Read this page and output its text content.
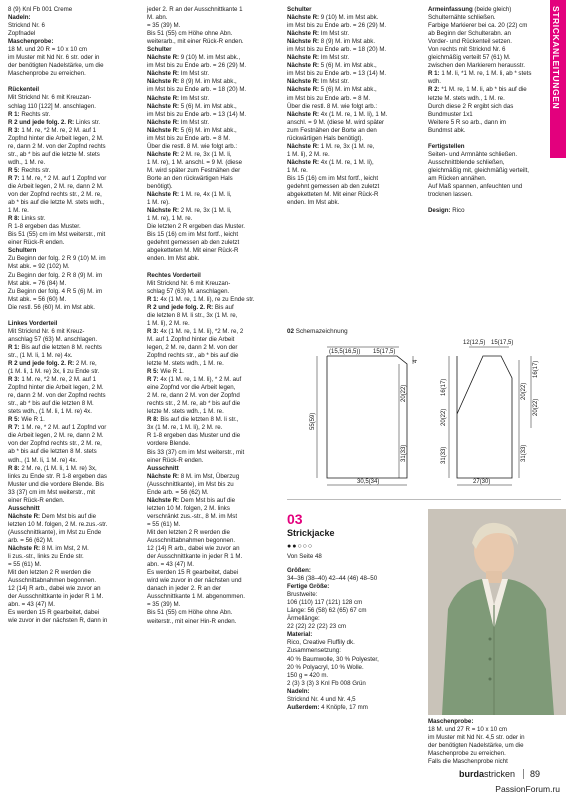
STRICKANLEITUNGEN

8 (9) Knl Fb 001 Creme

Nadeln:

Stricknd Nr. 6

Zopfnadel

Maschenprobe:

18 M. und 20 R = 10 x 10 cm

im Muster mit Nd Nr. 6 str. oder in

der benötigten Nadelstärke, um die

Maschenprobe zu erreichen.

Rückenteil

Mit Stricknd Nr. 6 mit Kreuzan-

schlag 110 [122] M. anschlagen.

R 1: Rechts str.

R 2 und jede folg. 2. R: Links str.

R 3: 1 M. re, *2 M. re, 2 M. auf 1

Zopfnd hinter die Arbeit legen, 2 M.

re, dann 2 M. von der Zopfnd rechts

str., ab * bis auf die letzte M. stets

wdh., 1 M. re.

R 5: Rechts str.

R 7: 1 M. re, * 2 M. auf 1 Zopfnd vor

die Arbeit legen, 2 M. re, dann 2 M.

von der Zopfnd rechts str., 2 M. re,

ab * bis auf die letzte M. stets wdh.,

1 M. re.

R 8: Links str.

R 1-8 ergeben das Muster.

Bis 51 (55) cm im Mst weiterstr., mit

einer Rück-R enden.

Schultern

Zu Beginn der folg. 2 R 9 (10) M. im

Mst abk. = 92 (102) M.

Zu Beginn der folg. 2 R 8 (9) M. im

Mst abk. = 76 (84) M.

Zu Beginn der folg. 4 R 5 (6) M. im

Mst abk. = 56 (60) M.

Die restl. 56 (60) M. im Mst abk.

Linkes Vorderteil

Mit Stricknd Nr. 6 mit Kreuz-

anschlag 57 (63) M. anschlagen.

R 1: Bis auf die letzten 8 M. rechts

str., (1 M. li, 1 M. re) 4x.

R 2 und jede folg. 2. R: 2 M. re,

(1 M. li, 1 M. re) 3x, li zu Ende str.

R 3: 1 M. re, *2 M. re, 2 M. auf 1

Zopfnd hinter die Arbeit legen, 2 M.

re, dann 2 M. von der Zopfnd rechts

str., ab * bis auf die letzten 8 M.

stets wdh., (1 M. li, 1 M. re) 4x.

R 5: Wie R 1.

R 7: 1 M. re, * 2 M. auf 1 Zopfnd vor

die Arbeit legen, 2 M. re, dann 2 M.

von der Zopfnd rechts str., 2 M. re,

ab * bis auf die letzten 8 M. stets

wdh., (1 M. li, 1 M. re) 4x.

R 8: 2 M. re, (1 M. li, 1 M. re) 3x,

links zu Ende str. R 1-8 ergeben das

Muster und die vordere Blende. Bis

33 (37) cm im Mst weiterstr., mit

einer Rück-R enden.

Ausschnitt

Nächste R: Dem Mst bis auf die

letzten 10 M. folgen, 2 M. re.zus.-str.

(Ausschnittkante), im Mst zu Ende

arb. = 56 (62) M.

Nächste R: 8 M. im Mst, 2 M.

li zus.-str., links zu Ende str.

= 55 (61) M.

Mit den letzten 2 R werden die

Ausschnittabnahmen begonnen.

12 (14) R arb., dabei wie zuvor an

der Ausschnittkante in jeder R 1 M.

abn. = 43 (47) M.

Es werden 15 R gearbeitet, dabei

wie zuvor in der nächsten R, dann in

jeder 2. R an der Ausschnittkante 1

M. abn.

= 35 (39) M.

Bis 51 (55) cm Höhe ohne Abn.

weiterarb., mit einer Rück-R enden.

Schulter

Nächste R: 9 (10) M. im Mst abk.,

im Mst bis zu Ende arb. = 26 (29) M.

Nächste R: Im Mst str.

Nächste R: 8 (9) M. im Mst abk.,

im Mst bis zu Ende arb. = 18 (20) M.

Nächste R: Im Mst str.

Nächste R: 5 (6) M. im Mst abk.,

im Mst bis zu Ende arb. = 13 (14) M.

Nächste R: Im Mst str.

Nächste R: 5 (6) M. im Mst abk.,

im Mst bis zu Ende arb. = 8 M.

Über die restl. 8 M. wie folgt arb.:

Nächste R: 2 M. re, 3x (1 M. li,

1 M. re), 1 M. anschl. = 9 M. (diese

M. wird später zum Festnähen der

Borte an den rückwärtigen Hals

benötigt).

Nächste R: 1 M. re, 4x (1 M. li,

1 M. re).

Nächste R: 2 M. re, 3x (1 M. li,

1 M. re), 1 M. re.

Die letzten 2 R ergeben das Muster.

Bis 15 (16) cm im Mst fortf., leicht

gedehnt gemessen ab den zuletzt

abgeketteten M. Mit einer Rück-R

enden. Im Mst abk.

Rechtes Vorderteil

Mit Stricknd Nr. 6 mit Kreuzan-

schlag 57 (63) M. anschlagen.

R 1: 4x (1 M. re, 1 M. li), re zu Ende str.

R 2 und jede folg. 2. R: Bis auf

die letzten 8 M. li str., 3x (1 M. re,

1 M. li), 2 M. re.

R 3: 4x (1 M. re, 1 M. li), *2 M. re, 2

M. auf 1 Zopfnd hinter die Arbeit

legen, 2 M. re, dann 2 M. von der

Zopfnd rechts str., ab * bis auf die

letzte M. stets wdh., 1 M. re.

R 5: Wie R 1.

R 7: 4x (1 M. re, 1 M. li), * 2 M. auf

eine Zopfnd vor die Arbeit legen,

2 M. re, dann 2 M. von der Zopfnd

rechts str., 2 M. re, ab * bis auf die

letzte M. stets wdh., 1 M. re.

R 8: Bis auf die letzten 8 M. li str.,

3x (1 M. re, 1 M. li), 2 M. re.

R 1-8 ergeben das Muster und die

vordere Blende.

Bis 33 (37) cm im Mst weiterstr., mit

einer Rück-R enden.

Ausschnitt

Nächste R: 8 M. im Mst, Überzug

(Ausschnittkante), im Mst bis zu

Ende arb. = 56 (62) M.

Nächste R: Dem Mst bis auf die

letzten 10 M. folgen, 2 M. links

verschränkt zus.-str., 8 M. im Mst

= 55 (61) M.

Mit den letzten 2 R werden die

Ausschnittabnahmen begonnen.

12 (14) R arb., dabei wie zuvor an

der Ausschnittkante in jeder R 1 M.

abn. = 43 (47) M.

Es werden 15 R gearbeitet, dabei

wird wie zuvor in der nächsten und

danach in jeder 2. R an der

Ausschnittkante 1 M. abgenommen.

= 35 (39) M.

Bis 51 (55) cm Höhe ohne Abn.

weiterstr., mit einer Hin-R enden.

Schulter

Nächste R: 9 (10) M. im Mst abk.

im Mst bis zu Ende arb. = 26 (29) M.

Nächste R: Im Mst str.

Nächste R: 8 (9) M. im Mst abk.

im Mst bis zu Ende arb. = 18 (20) M.

Nächste R: Im Mst str.

Nächste R: 5 (6) M. im Mst abk.,

im Mst bis zu Ende arb. = 13 (14) M.

Nächste R: Im Mst str.

Nächste R: 5 (6) M. im Mst abk.,

im Mst bis zu Ende arb. = 8 M.

Über die restl. 8 M. wie folgt arb.:

Nächste R: 4x (1 M. re, 1 M. li), 1 M.

anschl. = 9 M. (diese M. wird später

zum Festnähen der Borte an den

rückwärtigen Hals benötigt).

Nächste R: 1 M. re, 3x (1 M. re,

1 M. li), 2 M. re.

Nächste R: 4x (1 M. re, 1 M. li),

1 M. re.

Bis 15 (16) cm im Mst fortf., leicht

gedehnt gemessen ab den zuletzt

abgeketteten M. Mit einer Rück-R

enden. Im Mst abk.

Armeinfassung (beide gleich)

Schulternähte schließen.

Farbige Markierer bei ca. 20 (22) cm

ab Beginn der Schulterabn. an

Vorder- und Rückenteil setzen.

Von rechts mit Stricknd Nr. 6

gleichmäßig verteilt 57 (61) M.

zwischen den Markierern herausstr.

R 1: 1 M. li, *1 M. re, 1 M. li, ab * stets

wdh.

R 2: *1 M. re, 1 M. li, ab * bis auf die

letzte M. stets wdh., 1 M. re.

Durch diese 2 R ergibt sich das

Bundmuster 1x1

Weitere 5 R so arb., dann im

Bundmst abk.

Fertigstellen

Seiten- und Armnähte schließen.

Ausschnittblende schließen,

gleichmäßig mit, gleichmäßig verteilt,

am Rücken annähen.

Auf Maß spannen, anfeuchten und

trocknen lassen.

Design: Rico

02 Schemazeichnung
(15,5(16,5)) 15(17,5)
55(59)
20(22)
31(33)
4
30,5(34)
12(12,5) 15(17,5)
16(17)
20(22)
31(33)
20(22)
31(33)
16(17)
20(22)
27(30)
03
Strickjacke
●●○○○

Von Seite 48

Größen:

34–36 (38–40) 42–44 (46) 48–50

Fertige Größe:

Brustweite:

106 (110) 117 (121) 128 cm

Länge: 56 (58) 62 (65) 67 cm

Ärmellänge:

22 (22) 22 (22) 23 cm

Material:

Rico, Creative Fluffily dk.

Zusammensetzung:

40 % Baumwolle, 30 % Polyester,

20 % Polyacryl, 10 % Wolle.

150 g = 420 m.

2 (3) 3 (3) 3 Knl Fb 008 Grün

Nadeln:

Stricknd Nr. 4 und Nr. 4,5

Außerdem: 4 Knöpfe, 17 mm

Maschenprobe:

18 M. und 27 R = 10 x 10 cm

im Muster mit Nd Nr. 4,5 str. oder in

der benötigten Nadelstärke, um die

Maschenprobe zu erreichen.

Falls die Maschenprobe nicht

burdastricken 89
PassionForum.ru
